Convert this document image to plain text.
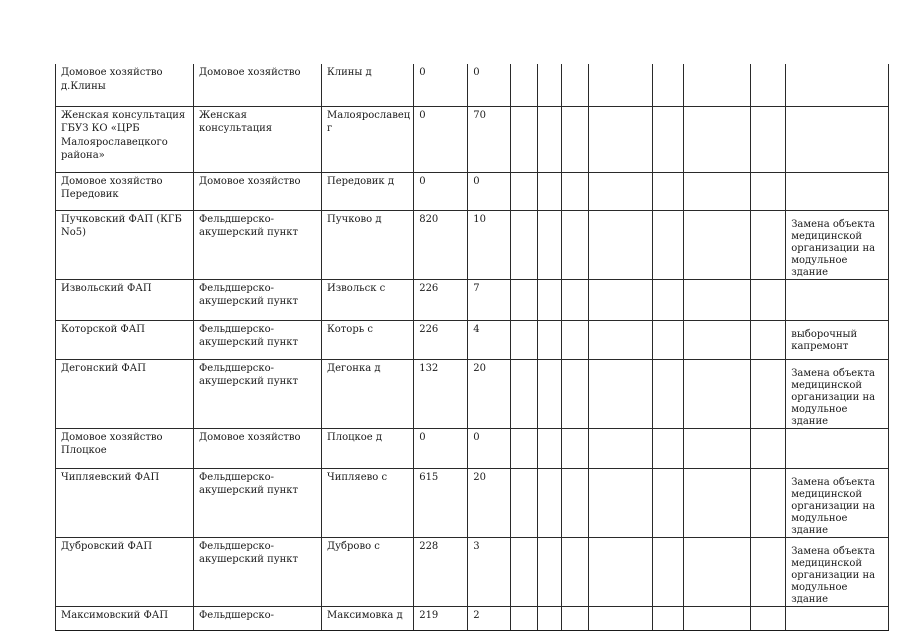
Домовое хозяйство д.Клины	Домовое хозяйство	Клины д	0	0								
Женская консультация ГБУЗ КО «ЦРБ Малоярославецкого района»	Женская консультация	Малоярославец г	0	70								
Домовое хозяйство Передовик	Домовое хозяйство	Передовик д	0	0								
Пучковский ФАП (КГБ No5)	Фельдшерско-акушерский пункт	Пучково д	820	10								Замена объекта медицинской организации на модульное здание
Извольский ФАП	Фельдшерско-акушерский пункт	Извольск с	226	7								
Которской ФАП	Фельдшерско-акушерский пункт	Которь с	226	4								выборочный капремонт
Дегонский ФАП	Фельдшерско-акушерский пункт	Дегонка д	132	20								Замена объекта медицинской организации на модульное здание
Домовое хозяйство Плоцкое	Домовое хозяйство	Плоцкое д	0	0								
Чипляевский ФАП	Фельдшерско-акушерский пункт	Чипляево с	615	20								Замена объекта медицинской организации на модульное здание
Дубровский ФАП	Фельдшерско-акушерский пункт	Дуброво с	228	3								Замена объекта медицинской организации на модульное здание
Максимовский ФАП	Фельдшерско-	Максимовка д	219	2								
